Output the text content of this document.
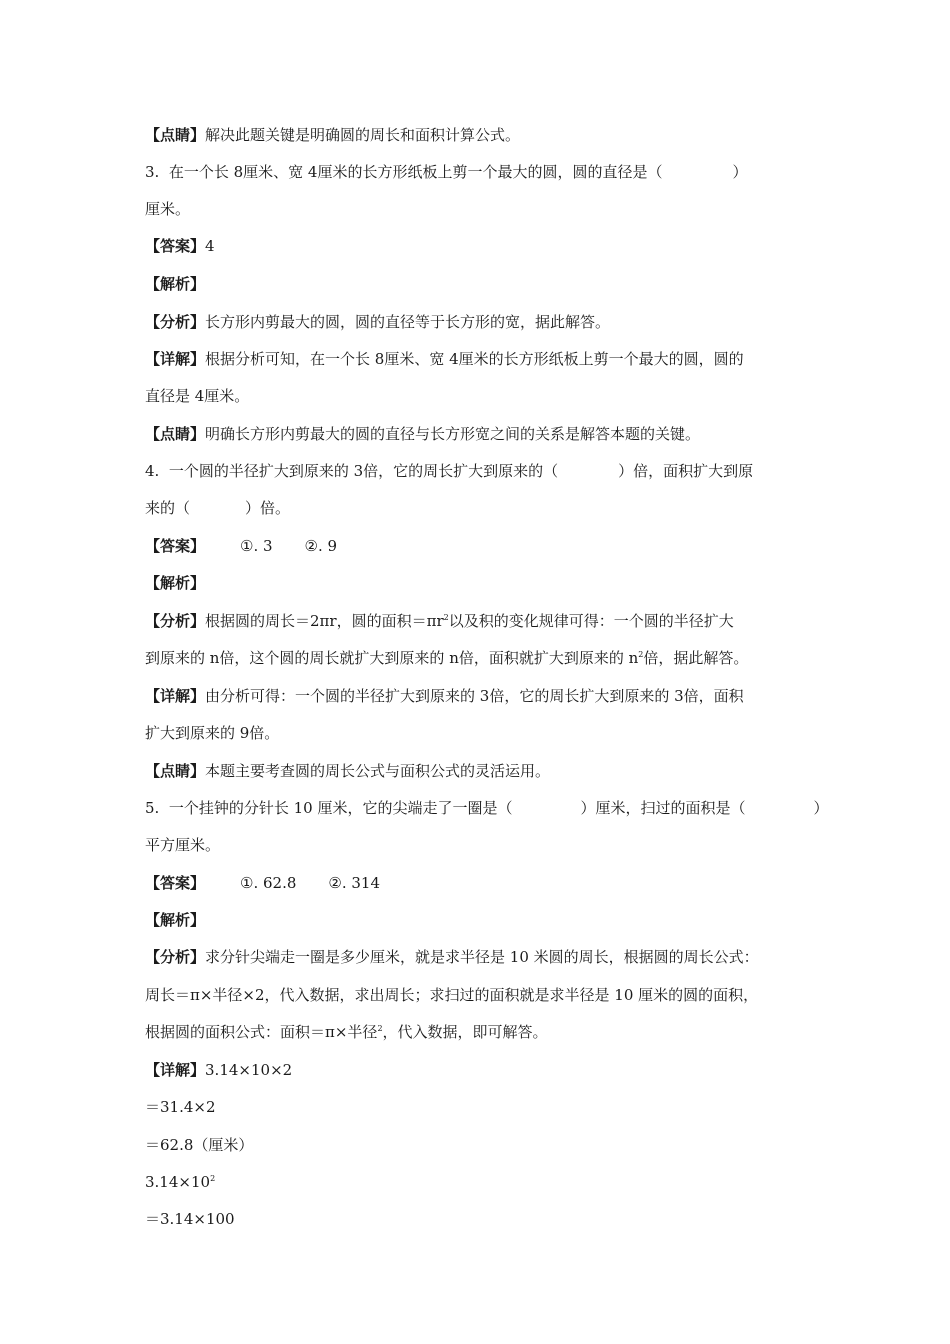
【点睛】解决此题关键是明确圆的周长和面积计算公式。
3.  在一个长 8厘米、宽 4厘米的长方形纸板上剪一个最大的圆，圆的直径是（	）
厘米。
【答案】4
【解析】
【分析】长方形内剪最大的圆，圆的直径等于长方形的宽，据此解答。
【详解】根据分析可知，在一个长 8厘米、宽 4厘米的长方形纸板上剪一个最大的圆，圆的
直径是 4厘米。
【点睛】明确长方形内剪最大的圆的直径与长方形宽之间的关系是解答本题的关键。
4.  一个圆的半径扩大到原来的 3倍，它的周长扩大到原来的（	）倍，面积扩大到原
来的（	）倍。
【答案】 ①. 3 ②. 9
【解析】
【分析】根据圆的周长＝2πr，圆的面积$=\pi r^2$以及积的变化规律可得：一个圆的半径扩大
到原来的 n倍，这个圆的周长就扩大到原来的 n倍，面积就扩大到原来的 $n^2$倍，据此解答。
【详解】由分析可得：一个圆的半径扩大到原来的 3倍，它的周长扩大到原来的 3倍，面积
扩大到原来的 9倍。
【点睛】本题主要考查圆的周长公式与面积公式的灵活运用。
5.  一个挂钟的分针长 10 厘米，它的尖端走了一圈是（	）厘米，扫过的面积是（	）
平方厘米。
【答案】 ①. 62.8 ②. 314
【解析】
【分析】求分针尖端走一圈是多少厘米，就是求半径是 10 米圆的周长，根据圆的周长公式：
周长＝π×半径×2，代入数据，求出周长；求扫过的面积就是求半径是 10 厘米的圆的面积，
根据圆的面积公式：面积＝π×半径$^2$，代入数据，即可解答。
【详解】3.14×10×2
＝31.4×2
＝62.8（厘米）
$3.14\times 10^2$
＝3.14×100
